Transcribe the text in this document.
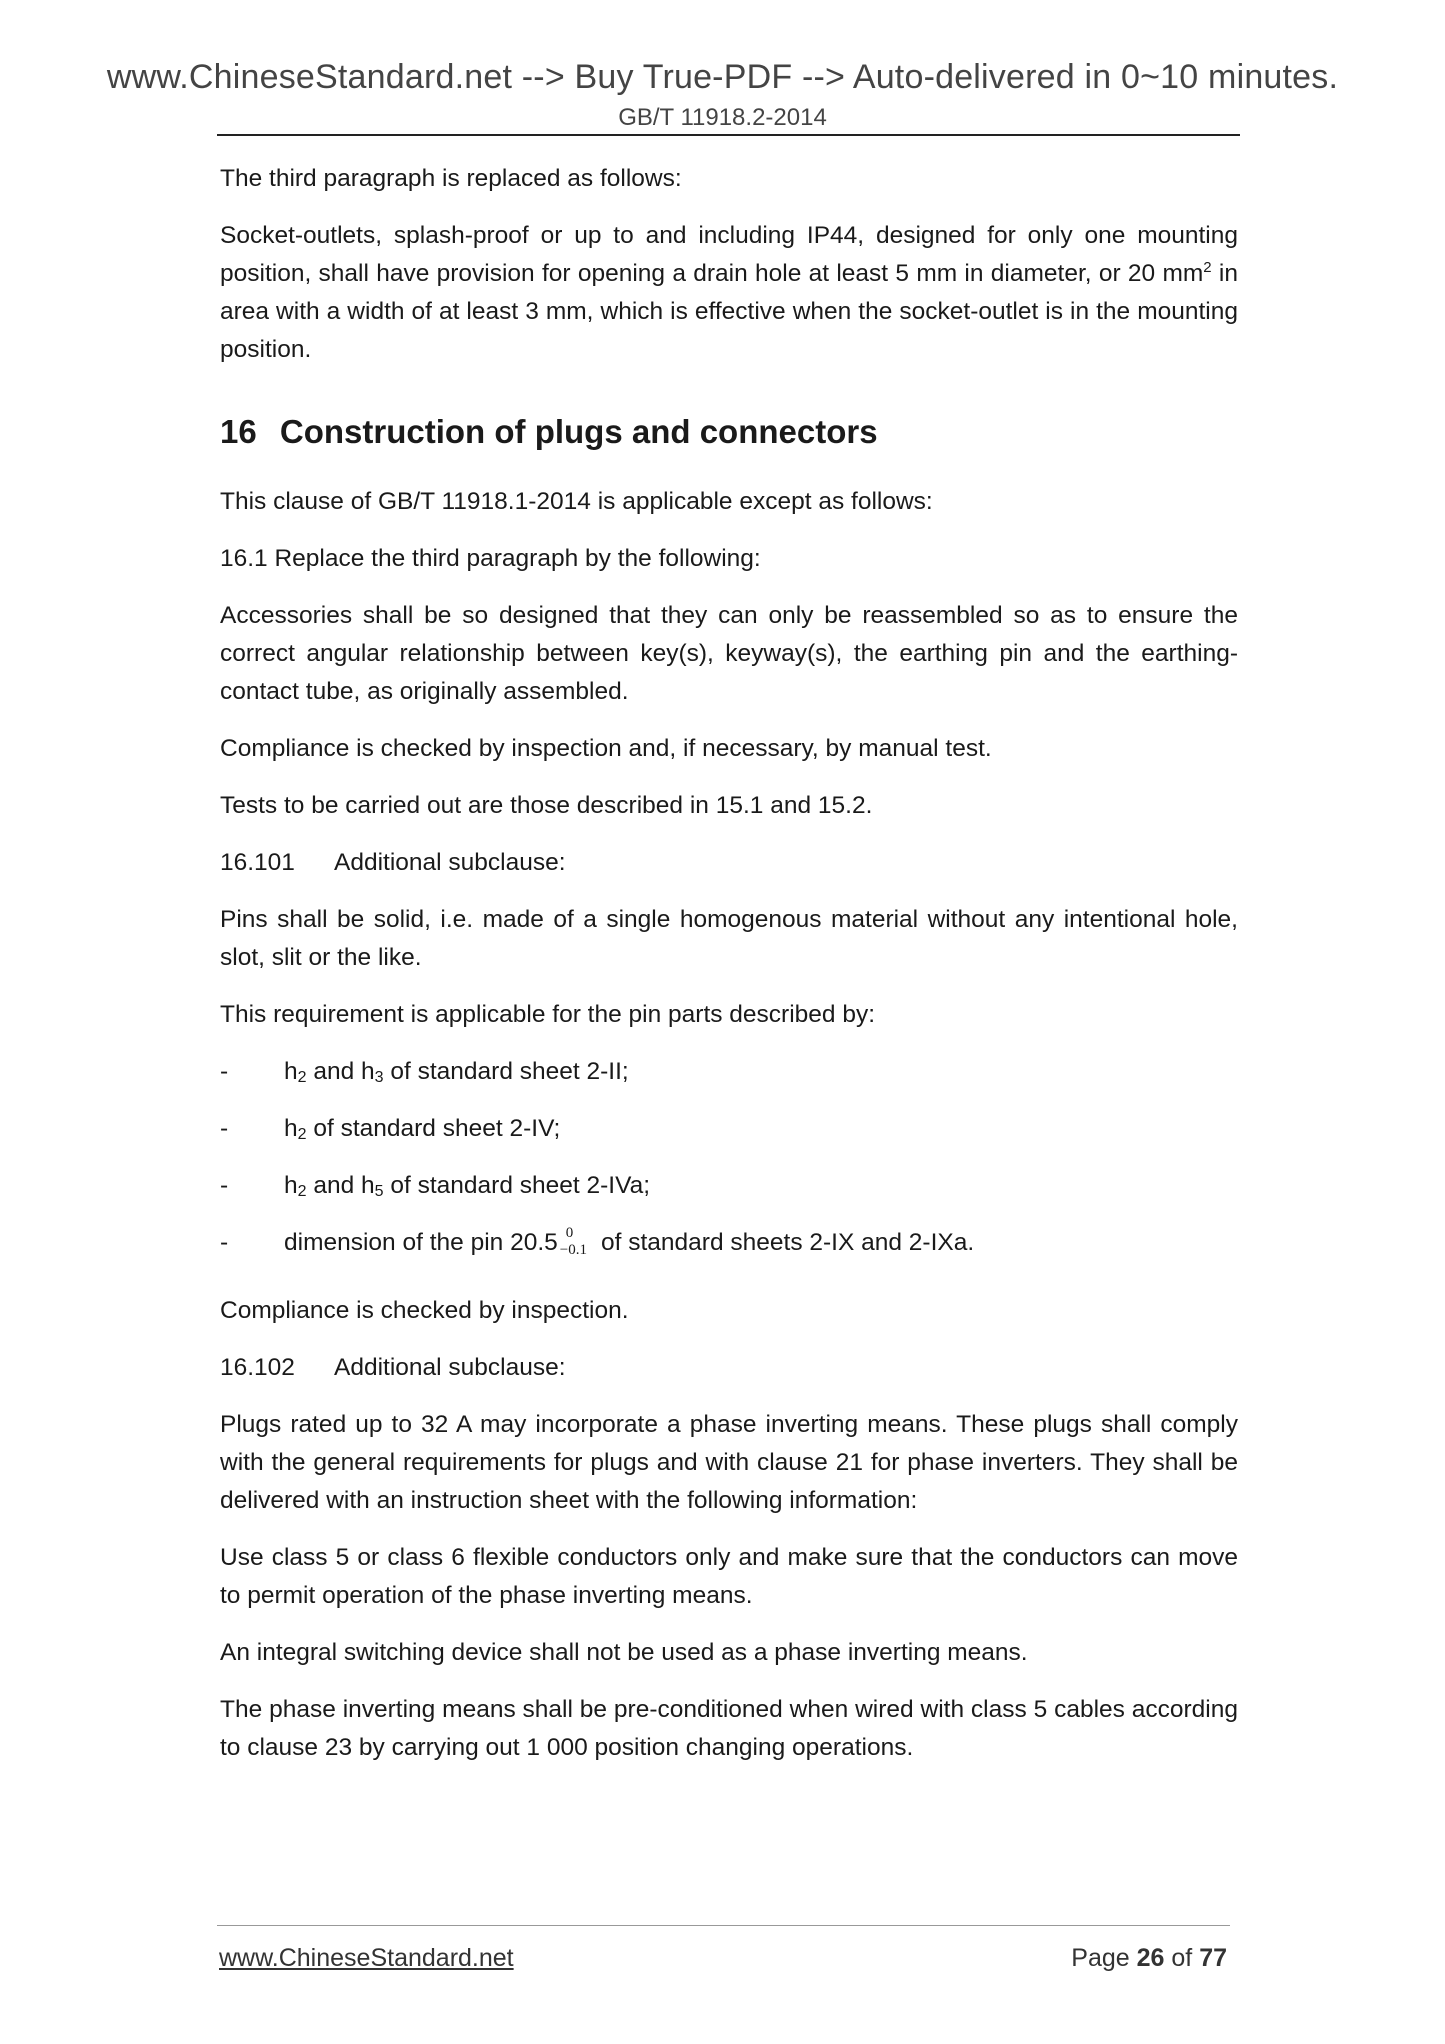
www.ChineseStandard.net --> Buy True-PDF --> Auto-delivered in 0~10 minutes.
GB/T 11918.2-2014

The third paragraph is replaced as follows:

Socket-outlets, splash-proof or up to and including IP44, designed for only one mounting position, shall have provision for opening a drain hole at least 5 mm in diameter, or 20 $mm^2$ in area with a width of at least 3 mm, which is effective when the socket-outlet is in the mounting position.

16 Construction of plugs and connectors

This clause of GB/T 11918.1-2014 is applicable except as follows:

16.1 Replace the third paragraph by the following:

Accessories shall be so designed that they can only be reassembled so as to ensure the correct angular relationship between key(s), keyway(s), the earthing pin and the earthing-contact tube, as originally assembled.

Compliance is checked by inspection and, if necessary, by manual test.

Tests to be carried out are those described in 15.1 and 15.2.

16.101	Additional subclause:

Pins shall be solid, i.e. made of a single homogenous material without any intentional hole, slot, slit or the like.

This requirement is applicable for the pin parts described by:

-	$h_2$ and $h_3$ of standard sheet 2-II;
-	$h_2$ of standard sheet 2-IV;
-	$h_2$ and $h_5$ of standard sheet 2-IVa;
-	dimension of the pin 20.5 0
−0.1 of standard sheets 2-IX and 2-IXa.

Compliance is checked by inspection.

16.102	Additional subclause:

Plugs rated up to 32 A may incorporate a phase inverting means. These plugs shall comply with the general requirements for plugs and with clause 21 for phase inverters. They shall be delivered with an instruction sheet with the following information:

Use class 5 or class 6 flexible conductors only and make sure that the conductors can move to permit operation of the phase inverting means.

An integral switching device shall not be used as a phase inverting means.

The phase inverting means shall be pre-conditioned when wired with class 5 cables according to clause 23 by carrying out 1 000 position changing operations.

www.ChineseStandard.net	Page 26 of 77
